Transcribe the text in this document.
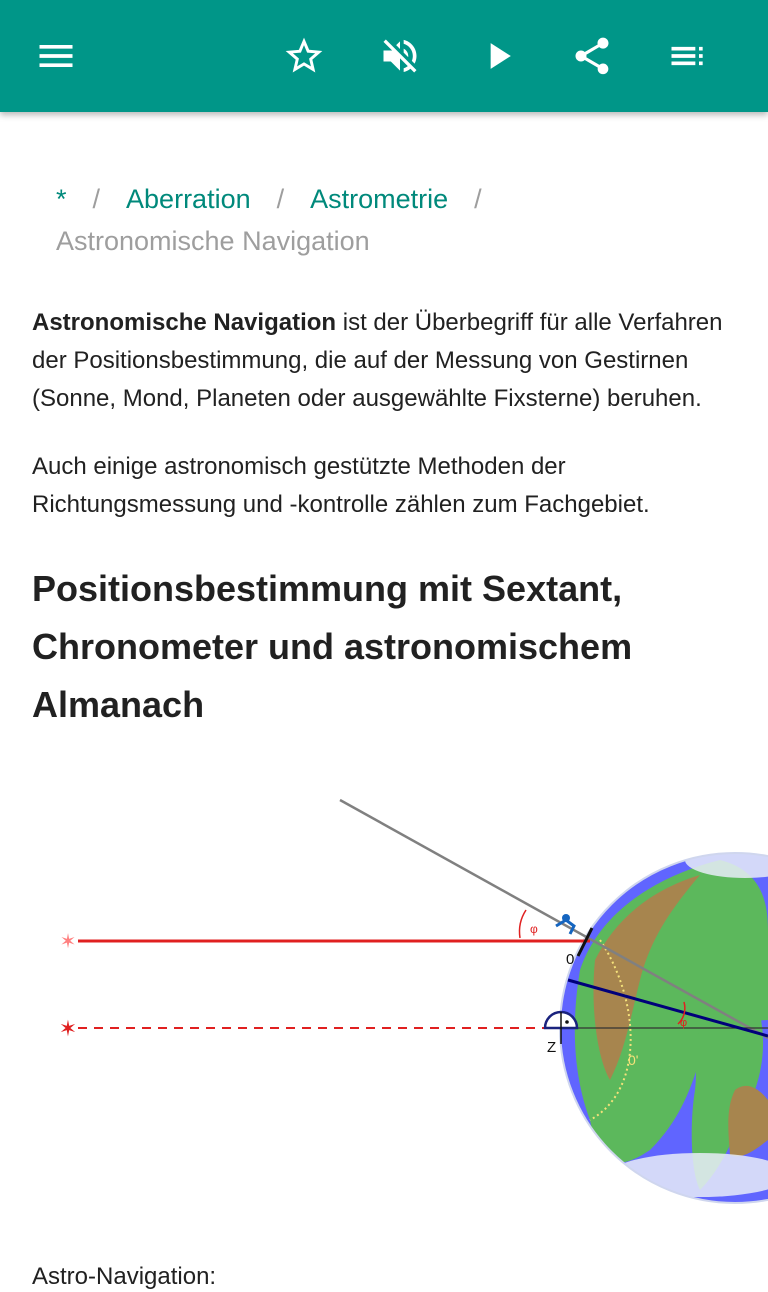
* / Aberration / Astrometrie /
Astronomische Navigation

Astronomische Navigation ist der Überbegriff für alle Verfahren der Positionsbestimmung, die auf der Messung von Gestirnen (Sonne, Mond, Planeten oder ausgewählte Fixsterne) beruhen.

Auch einige astronomisch gestützte Methoden der Richtungsmessung und -kontrolle zählen zum Fachgebiet.

Positionsbestimmung mit Sextant, Chronometer und astronomischem Almanach
✶
✶
φ
0
Z
φ
0'
Astro-Navigation:
